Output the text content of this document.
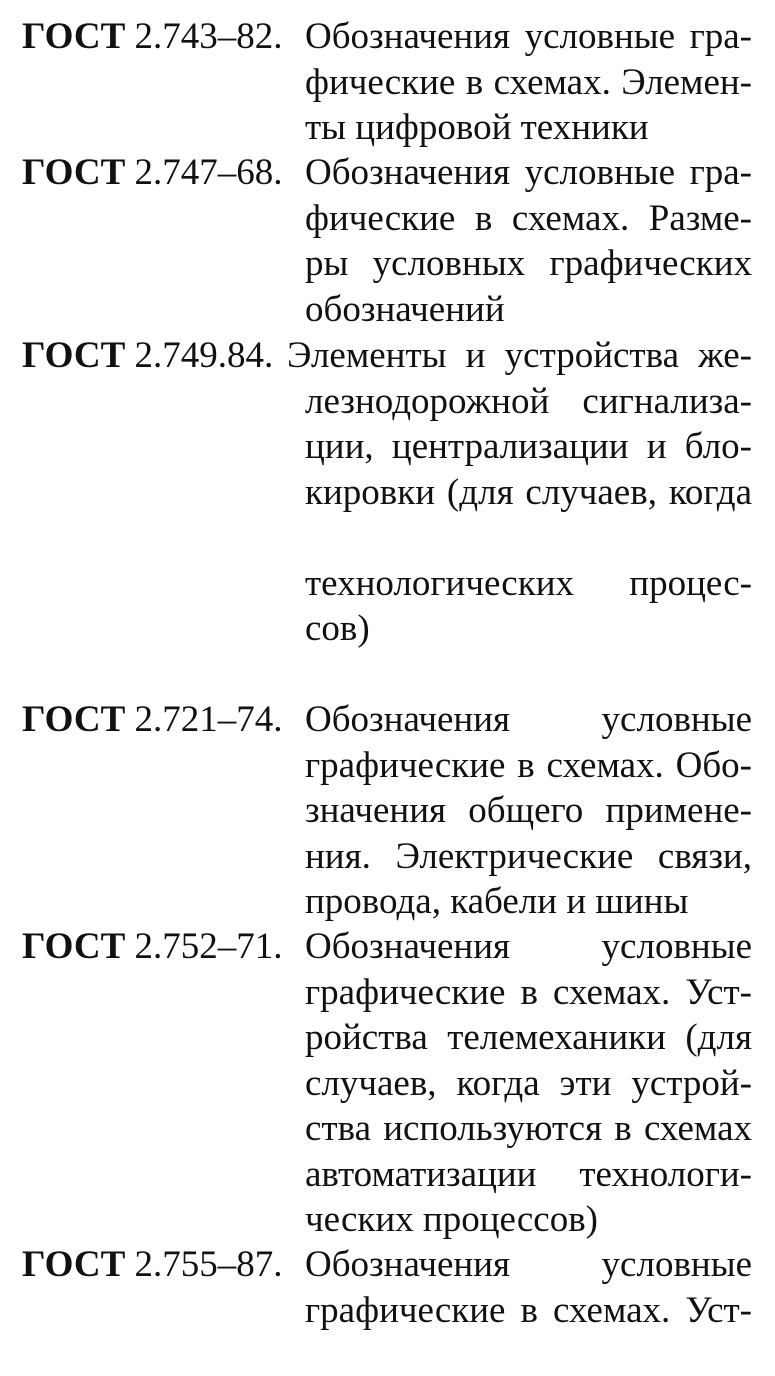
ГОСТ 2.743–82. Обозначения условные гра-
фические в схемах. Элемен-
ты цифровой техники
ГОСТ 2.747–68. Обозначения условные гра-
фические в схемах. Разме-
ры условных графических
обозначений
ГОСТ 2.749.84. Элементы и устройства же-
лезнодорожной сигнализа-
ции, централизации и бло-
кировки (для случаев, когда
технологических процес-
сов)
ГОСТ 2.721–74. Обозначения условные
графические в схемах. Обо-
значения общего примене-
ния. Электрические связи,
провода, кабели и шины
ГОСТ 2.752–71. Обозначения условные
графические в схемах. Уст-
ройства телемеханики (для
случаев, когда эти устрой-
ства используются в схемах
автоматизации технологи-
ческих процессов)
ГОСТ 2.755–87. Обозначения условные
графические в схемах. Уст-
